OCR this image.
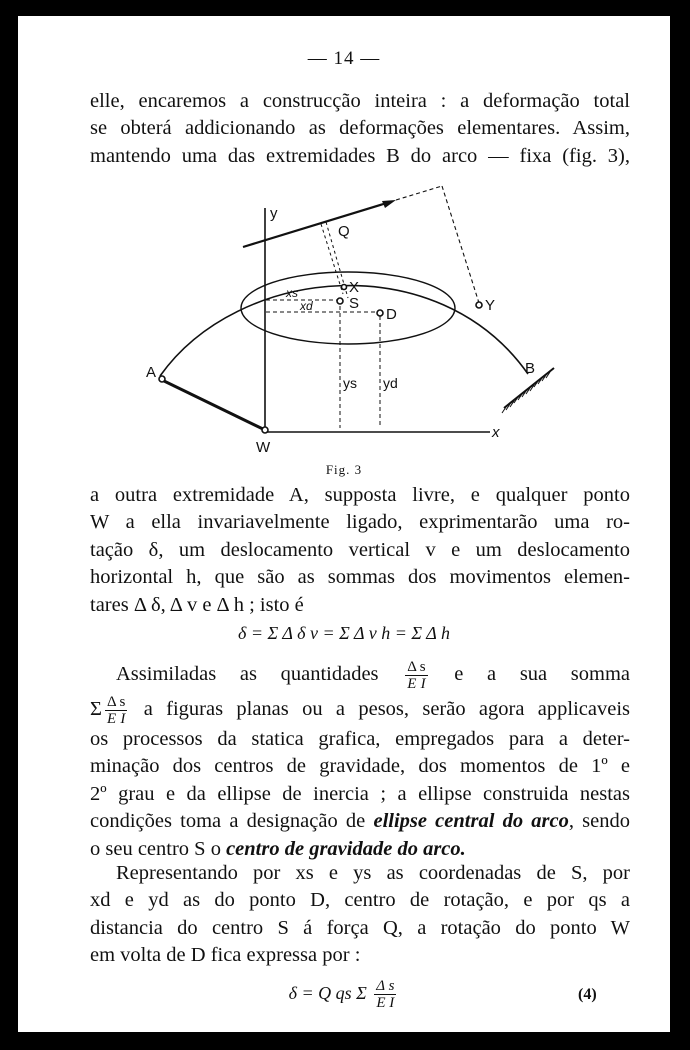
— 14 —
elle, encaremos a construcção inteira : a deformação total
se obterá addicionando as deformações elementares. Assim,
mantendo uma das extremidades B do arco — fixa (fig. 3),
y
Q
X
S
D
Y
A	B
W
x
xs
xd
ys yd
Fig. 3
a outra extremidade A, supposta livre, e qualquer ponto
W a ella invariavelmente ligado, exprimentarão uma ro-
tação δ, um deslocamento vertical v e um deslocamento
horizontal h, que são as sommas dos movimentos elemen-
tares Δ δ, Δ v e Δ h ; isto é
δ = Σ Δ δ v = Σ Δ v h = Σ Δ h
Assimiladas as quantidades $\frac{\text{Δ s}}{\text{E I}}$ e a sua somma
Σ $\frac{\text{Δ s}}{\text{E I}}$ a figuras planas ou a pesos, serão agora applicaveis
os processos da statica grafica, empregados para a deter-
minação dos centros de gravidade, dos momentos de 1º e
2º grau e da ellipse de inercia ; a ellipse construida nestas
condições toma a designação de ellipse central do arco, sendo
o seu centro S o centro de gravidade do arco.
Representando por xs e ys as coordenadas de S, por
xd e yd as do ponto D, centro de rotação, e por qs a
distancia do centro S á força Q, a rotação do ponto W
em volta de D fica expressa por :
δ = Q qs Σ $\frac{\text{Δ s}}{\text{E I}}$	(4)
